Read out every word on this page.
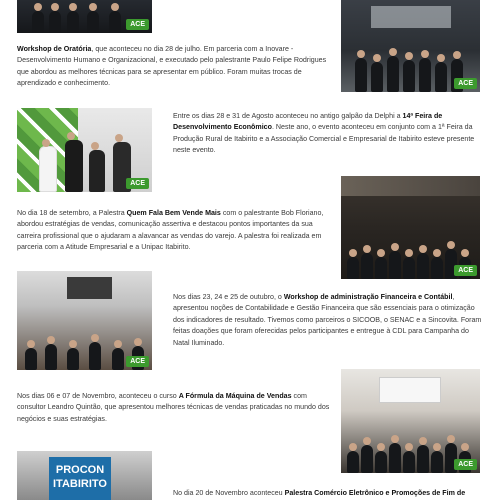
ACE
ACE
Workshop de Oratória, que aconteceu no dia 28 de julho. Em parceria com a Inovare - Desenvolvimento Humano e Organizacional, e executado pelo palestrante Paulo Felipe Rodrigues que abordou as melhores técnicas para se apresentar em público. Foram muitas trocas de aprendizado e conhecimento.
ACE
Entre os dias 28 e 31 de Agosto aconteceu no antigo galpão da Delphi a 14ª Feira de Desenvolvimento Econômico. Neste ano, o evento aconteceu em conjunto com a 1ª Feira da Produção Rural de Itabirito e a Associação Comercial e Empresarial de Itabirito esteve presente neste evento.
ACE
No dia 18 de setembro, a Palestra Quem Fala Bem Vende Mais com o palestrante Bob Floriano, abordou estratégias de vendas, comunicação assertiva e destacou pontos importantes da sua carreira profissional que o ajudaram a alavancar as vendas do varejo. A palestra foi realizada em parceria com a Atitude Empresarial e a Unipac Itabirito.
ACE
Nos dias 23, 24 e 25 de outubro, o Workshop de administração Financeira e Contábil, apresentou noções de Contabilidade e Gestão Financeira que são essenciais para o otimização dos indicadores de resultado. Tivemos como parceiros o SICOOB, o SENAC e a Sincovita. Foram feitas doações que foram oferecidas pelos participantes e entregue à CDL para Campanha do Natal Iluminado.
ACE
Nos dias 06 e 07 de Novembro, aconteceu o curso A Fórmula da Máquina de Vendas com consultor Leandro Quintão, que apresentou melhores técnicas de vendas praticadas no mundo dos negócios e suas estratégias.
PROCON
ITABIRITO
No dia 20 de Novembro aconteceu Palestra Comércio Eletrônico e Promoções de Fim de
